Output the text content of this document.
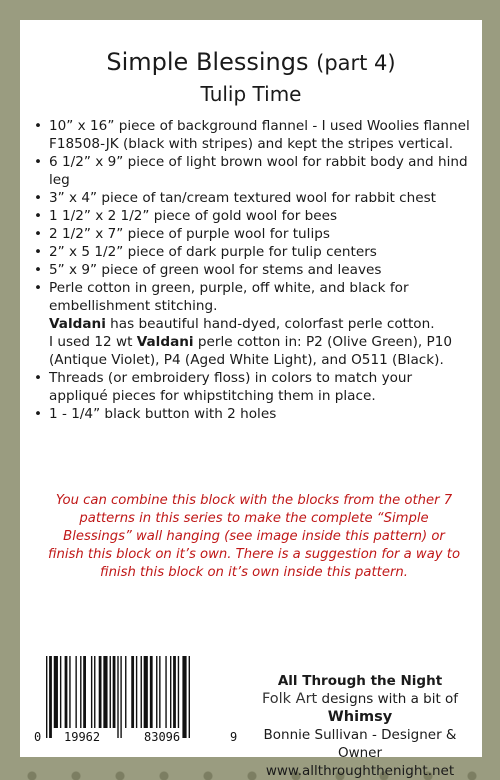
Simple Blessings (part 4)
Tulip Time
• 10” x 16” piece of background flannel - I used Woolies flannel F18508-JK (black with stripes) and kept the stripes vertical.
• 6 1/2” x 9” piece of light brown wool for rabbit body and hind leg
• 3” x 4” piece of tan/cream textured wool for rabbit chest
• 1 1/2” x 2 1/2” piece of gold wool for bees
• 2 1/2” x 7” piece of purple wool for tulips
• 2” x 5 1/2” piece of dark purple for tulip centers
• 5” x 9” piece of green wool for stems and leaves
• Perle cotton in green, purple, off white, and black for embellishment stitching.
Valdani has beautiful hand-dyed, colorfast perle cotton.
I used 12 wt Valdani perle cotton in: P2 (Olive Green), P10 (Antique Violet), P4 (Aged White Light), and O511 (Black).
• Threads (or embroidery floss) in colors to match your appliqué pieces for whipstitching them in place.
• 1 - 1/4” black button with 2 holes
You can combine this block with the blocks from the other 7 patterns in this series to make the complete “Simple Blessings” wall hanging (see image inside this pattern) or finish this block on it’s own. There is a suggestion for a way to finish this block on it’s own inside this pattern.
0 19962	83096	9
All Through the Night
Folk Art designs with a bit of Whimsy
Bonnie Sullivan - Designer & Owner
www.allthroughthenight.net
